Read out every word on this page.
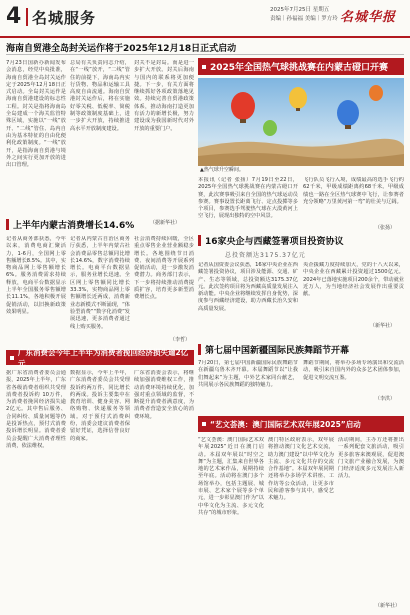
4 名城服务	2025年7月25日 星期五
责编｜孙福福 美编｜罗方玲 名城华报
海南自贸港全岛封关运作将于2025年12月18日正式启动
7月23日国新办新闻发布会消息，经党中央批准，海南自贸港全岛封关运作定于2025年12月18日正式启动。全岛封关运作是海南自贸港建设的标志性工程。封关是指将海南岛全岛建成一个海关监管特殊区域，实施以“一线”放开、“二线”管住、岛内自由为基本特征的自由化便利化政策制度。“一线”放开，是指海南自贸港与境外之间实行更加开放的进出口管理。
总局有关负责同志介绍，在“一线”放开，“二线”管住的前提下，海南岛内实行货物、物品和运输工具高度自由流通。海南自贸港封关运作后，将在实施好零关税、低税率、简税制等政策制度基础上，进一步扩大开放，持续推进高水平开放制度建设。
封关不是封岛。而是进一步扩大开放。封关后海南与国内的联系将更加便捷。下一步，有关方面将继续抓好各项政策落地见效。持续完善自贸港政策体系，推动海南打造更加有活力的新增长极，努力建设成为我国新时代对外开放的重要门户。
（据新华社）
2025年全国热气球挑战赛在内蒙古磴口开赛
▲热气球升空瞬间。
本报讯（记者 张扬）7月19日至22日，2025年全国热气球挑战赛在内蒙古磴口开赛，此次赛事吸引来自全国的热气球运动员参赛。赛事设置长距离飞行、定点投掷等多个项目，参赛选手驾驶热气球在大漠黄河上空飞行，展现出独特的空中风景。
飞行队员飞行入境，成绩最高的选手飞行约62千米，甲级成绩距离约68千米。甲级成绩也一路在全区热气球赛中飞行，让参赛者充分领略“万里黄河第一弯”的壮美与辽阔。
（张扬）
上半年内蒙古消费增长14.6%
记者从商务部获悉，今年以来，消费电商汇聚活力，1-6月，全国网上零售额增长8.5%。其中，实物商品网上零售额增长6%。服务消费需求持续释放，电商平台数据显示上半年全国服务零售额增长11.1%，各地积极开展促销活动，以旧换新政策效果明显。
记者从内蒙古自治区商务厅获悉，上半年内蒙古社会消费品零售总额同比增长14.6%，数字消费持续增长。电商平台数据显示，服务业增长迅速。全区网上零售额同比增长33.3%，实物商品网上零售额增长近两成，消费新业态新模式不断涌现，“体验型消费”“数字化消费”发展迅速，更多消费者通过线上购买服务。
社会消费持续回暖，全区重点零售企业营业额稳步增长。各地围绕节日消费、夜间消费等开展系列促销活动，进一步激发消费潜力。商务部门表示，下一步将持续推动消费提质扩容，培育更多新型消费增长点。
（李哲）
16家央企与西藏签署项目投资协议
总投资额达3175.37亿元
记者从国资委会议获悉，16家中央企业在西藏签署投资协议，项目涉及能源、交通、矿产、生态等领域，总投资额达3175.37亿元。此次签约项目将为西藏高质量发展注入新动能。中央企业将继续发挥自身优势，深度参与西藏经济建设，助力西藏长治久安和高质量发展。
央企援藏力度持续加大，党的十八大以来，中央企业在西藏累计投资超过1500亿元。2024年已落地实施项目200余个，带动就业近万人，为当地经济社会发展作出重要贡献。
（新华社）
第七届中国新疆国际民族舞蹈节开幕
7月20日，第七届中国新疆国际民族舞蹈节在新疆乌鲁木齐开幕。本届舞蹈节以“让我们舞起来”为主题，中外艺术家同台献艺，共同展示各民族舞蹈的独特魅力。
舞蹈节期间，将举办多场专场演出和交流活动，吸引来自国内外的众多艺术团体参加，促进文明交流互鉴。
（李洪）
广东消费会今年上半年为消费者挽回经济损失逾2亿元
据广东省消费者委员会通报，2025年上半年，广东省各级消费者组织共受理消费者投诉约 10万件，为消费者挽回经济损失逾2亿元。其中售后服务、合同纠纷、质量问题等仍是投诉热点，预付式消费投诉增长明显。消费者委员会提醒广大消费者理性消费，依法维权。
数据显示，今年上半年，广东消费者委员会共受理投诉约两万件，同比增长约两成。投诉主要集中在教育培训、健身美容、网络购物、快递服务等领域。对于预付式消费纠纷，消委会建议消费者保留好凭证，选择信誉良好的商家。
广东省消委会表示，将继续加强消费维权工作，推动消费环境持续优化，加强对重点领域的监督，不断提升消费者满意度，为消费者营造安全放心的消费环境。
“艺文荟澳：澳门国际艺术双年展2025”启动
“艺文荟澳：澳门国际艺术双年展2025”近日在澳门启动。本届双年展以“时空之舞”为主题，汇集来自世界各地的艺术家作品，展期持续至年底。活动将在澳门多个场馆举办，包括主题展、城市展、艺术家个展等多个单元，进一步彰显澳门作为“以中华文化为主流、多元文化共存”的城市形象。
澳门特区政府表示，双年展将推动澳门文化艺术交流，助力澳门建设“以中华文化为主流、多元文化共存的交流合作基地”。本届双年展同期还将举办多场学术讲座、工作坊等公众活动，让更多市民和游客参与其中，感受艺术魅力。
活动期间，主办方还将推出一系列配套文旅活动，吸引更多旅客来澳观展，促进澳门文旅产业融合发展，为澳门经济适度多元发展注入新活力。
（新华社）
